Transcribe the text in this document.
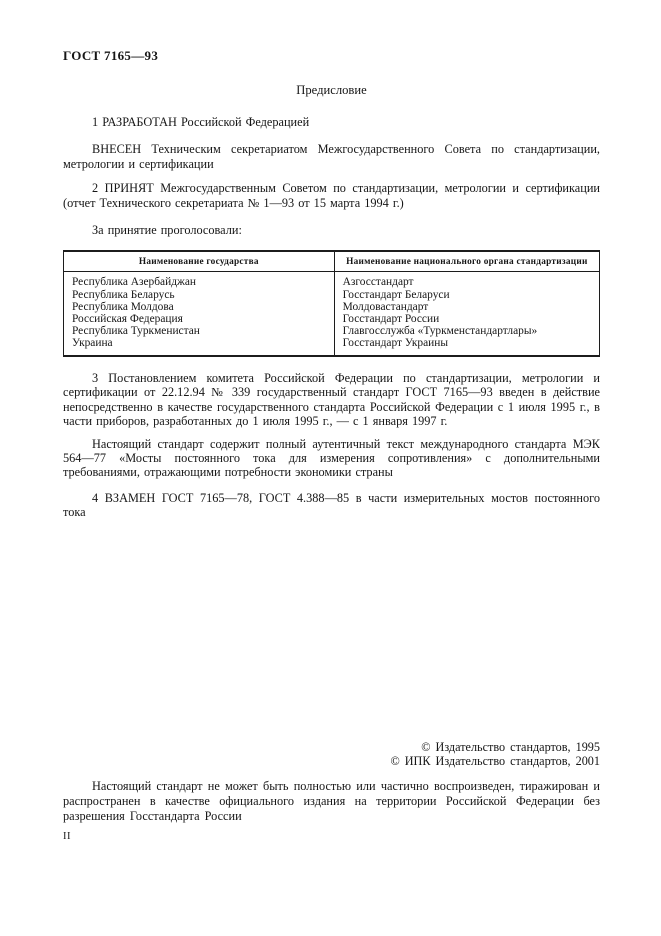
ГОСТ 7165—93
Предисловие

1 РАЗРАБОТАН Российской Федерацией

ВНЕСЕН Техническим секретариатом Межгосударственного Совета по стандартизации, метрологии и сертификации

2 ПРИНЯТ Межгосударственным Советом по стандартизации, метрологии и сертификации (отчет Технического секретариата № 1—93 от 15 марта 1994 г.)

За принятие проголосовали:

Наименование государства	Наименование национального органа стандартизации
Республика Азербайджан	Азгосстандарт
Республика Беларусь	Госстандарт Беларуси
Республика Молдова	Молдовастандарт
Российская Федерация	Госстандарт России
Республика Туркменистан	Главгосслужба «Туркменстандартлары»
Украина	Госстандарт Украины

3 Постановлением комитета Российской Федерации по стандартизации, метрологии и сертификации от 22.12.94 № 339 государственный стандарт ГОСТ 7165—93 введен в действие непосредственно в качестве государственного стандарта Российской Федерации с 1 июля 1995 г., в части приборов, разработанных до 1 июля 1995 г., — с 1 января 1997 г.

Настоящий стандарт содержит полный аутентичный текст международного стандарта МЭК 564—77 «Мосты постоянного тока для измерения сопротивления» с дополнительными требованиями, отражающими потребности экономики страны

4 ВЗАМЕН ГОСТ 7165—78, ГОСТ 4.388—85 в части измерительных мостов постоянного тока

© Издательство стандартов, 1995
© ИПК Издательство стандартов, 2001

Настоящий стандарт не может быть полностью или частично воспроизведен, тиражирован и распространен в качестве официального издания на территории Российской Федерации без разрешения Госстандарта России

II
